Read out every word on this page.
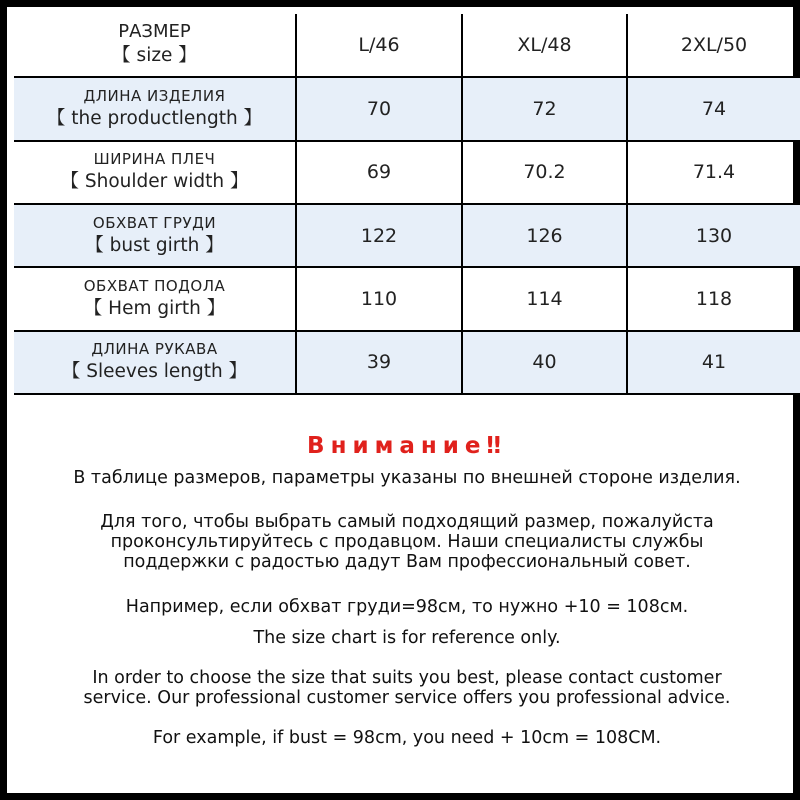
РАЗМЕР
【 size 】	L/46	XL/48	2XL/50

ДЛИНА ИЗДЕЛИЯ
【 the productlength 】	70	72	74

ШИРИНА ПЛЕЧ
【 Shoulder width 】	69	70.2	71.4

ОБХВАТ ГРУДИ
【 bust girth 】	122	126	130

ОБХВАТ ПОДОЛА
【 Hem girth 】	110	114	118

ДЛИНА РУКАВА
【 Sleeves length 】	39	40	41
Внимание‼
В таблице размеров, параметры указаны по внешней стороне изделия.
Для того, чтобы выбрать самый подходящий размер, пожалуйста
проконсультируйтесь с продавцом. Наши специалисты службы
поддержки с радостью дадут Вам профессиональный совет.
Например, если обхват груди=98см, то нужно +10 = 108см.
The size chart is for reference only.
In order to choose the size that suits you best, please contact customer
service. Our professional customer service offers you professional advice.
For example, if bust = 98cm, you need + 10cm = 108CM.
